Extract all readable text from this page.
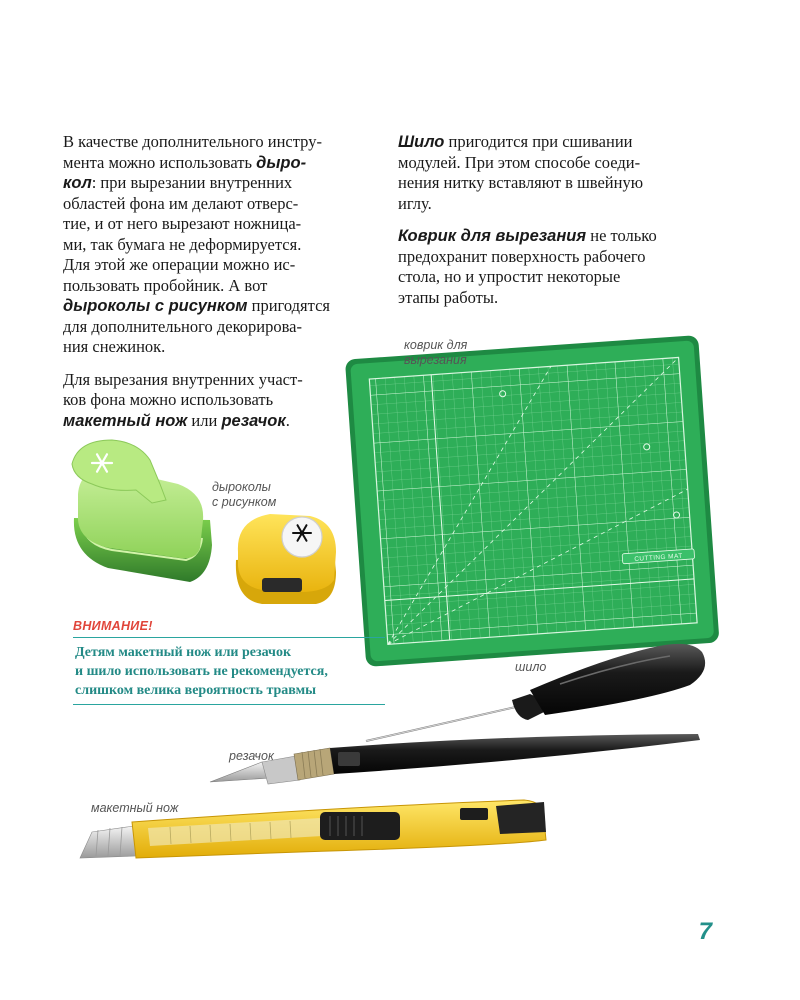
CUTTING MAT

В качестве дополнительного инстру-
мента можно использовать дыро-
кол: при вырезании внутренних
областей фона им делают отверс-
тие, и от него вырезают ножница-
ми, так бумага не деформируется.
Для этой же операции можно ис-
пользовать пробойник. А вот
дыроколы с рисунком пригодятся
для дополнительного декорирова-
ния снежинок.

Для вырезания внутренних участ-
ков фона можно использовать
макетный нож или резачок.

Шило пригодится при сшивании
модулей. При этом способе соеди-
нения нитку вставляют в швейную
иглу.

Коврик для вырезания не только
предохранит поверхность рабочего
стола, но и упростит некоторые
этапы работы.

коврик для
вырезания
дыроколы
с рисунком
шило
резачок
макетный нож
ВНИМАНИЕ!
Детям макетный нож или резачок
и шило использовать не рекомендуется,
слишком велика вероятность травмы
7
